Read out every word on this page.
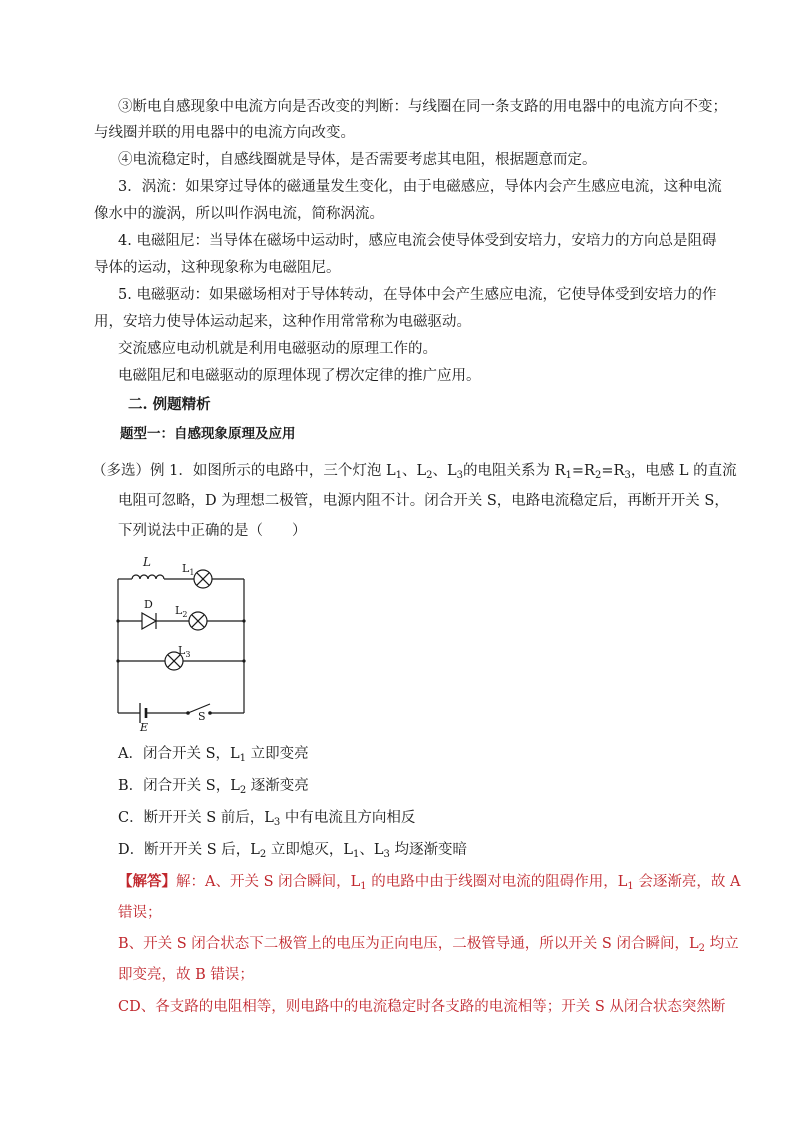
③断电自感现象中电流方向是否改变的判断：与线圈在同一条支路的用电器中的电流方向不变；
与线圈并联的用电器中的电流方向改变。
④电流稳定时，自感线圈就是导体，是否需要考虑其电阻，根据题意而定。
3．涡流：如果穿过导体的磁通量发生变化，由于电磁感应，导体内会产生感应电流，这种电流
像水中的漩涡，所以叫作涡电流，简称涡流。
4. 电磁阻尼：当导体在磁场中运动时，感应电流会使导体受到安培力，安培力的方向总是阻碍
导体的运动，这种现象称为电磁阻尼。
5. 电磁驱动：如果磁场相对于导体转动，在导体中会产生感应电流，它使导体受到安培力的作
用，安培力使导体运动起来，这种作用常常称为电磁驱动。
交流感应电动机就是利用电磁驱动的原理工作的。
电磁阻尼和电磁驱动的原理体现了楞次定律的推广应用。
二. 例题精析
题型一：自感现象原理及应用
（多选）例 1．如图所示的电路中，三个灯泡 $L_1$、$L_2$、$L_3$的电阻关系为 $R_1=R_2=R_3$，电感 L 的直流
电阻可忽略，D 为理想二极管，电源内阻不计。闭合开关 S，电路电流稳定后，再断开开关 S，
下列说法中正确的是（　　）
L	$L_1$
D $L_2$
$L_3$
E
S
A．闭合开关 S，$L_1$ 立即变亮
B．闭合开关 S，$L_2$ 逐渐变亮
C．断开开关 S 前后，$L_3$ 中有电流且方向相反
D．断开开关 S 后，$L_2$ 立即熄灭，$L_1$、$L_3$ 均逐渐变暗
【解答】解：A、开关 S 闭合瞬间，$L_1$ 的电路中由于线圈对电流的阻碍作用，$L_1$ 会逐渐亮，故 A
错误；
B、开关 S 闭合状态下二极管上的电压为正向电压，二极管导通，所以开关 S 闭合瞬间，$L_2$ 均立
即变亮，故 B 错误；
CD、各支路的电阻相等，则电路中的电流稳定时各支路的电流相等；开关 S 从闭合状态突然断
